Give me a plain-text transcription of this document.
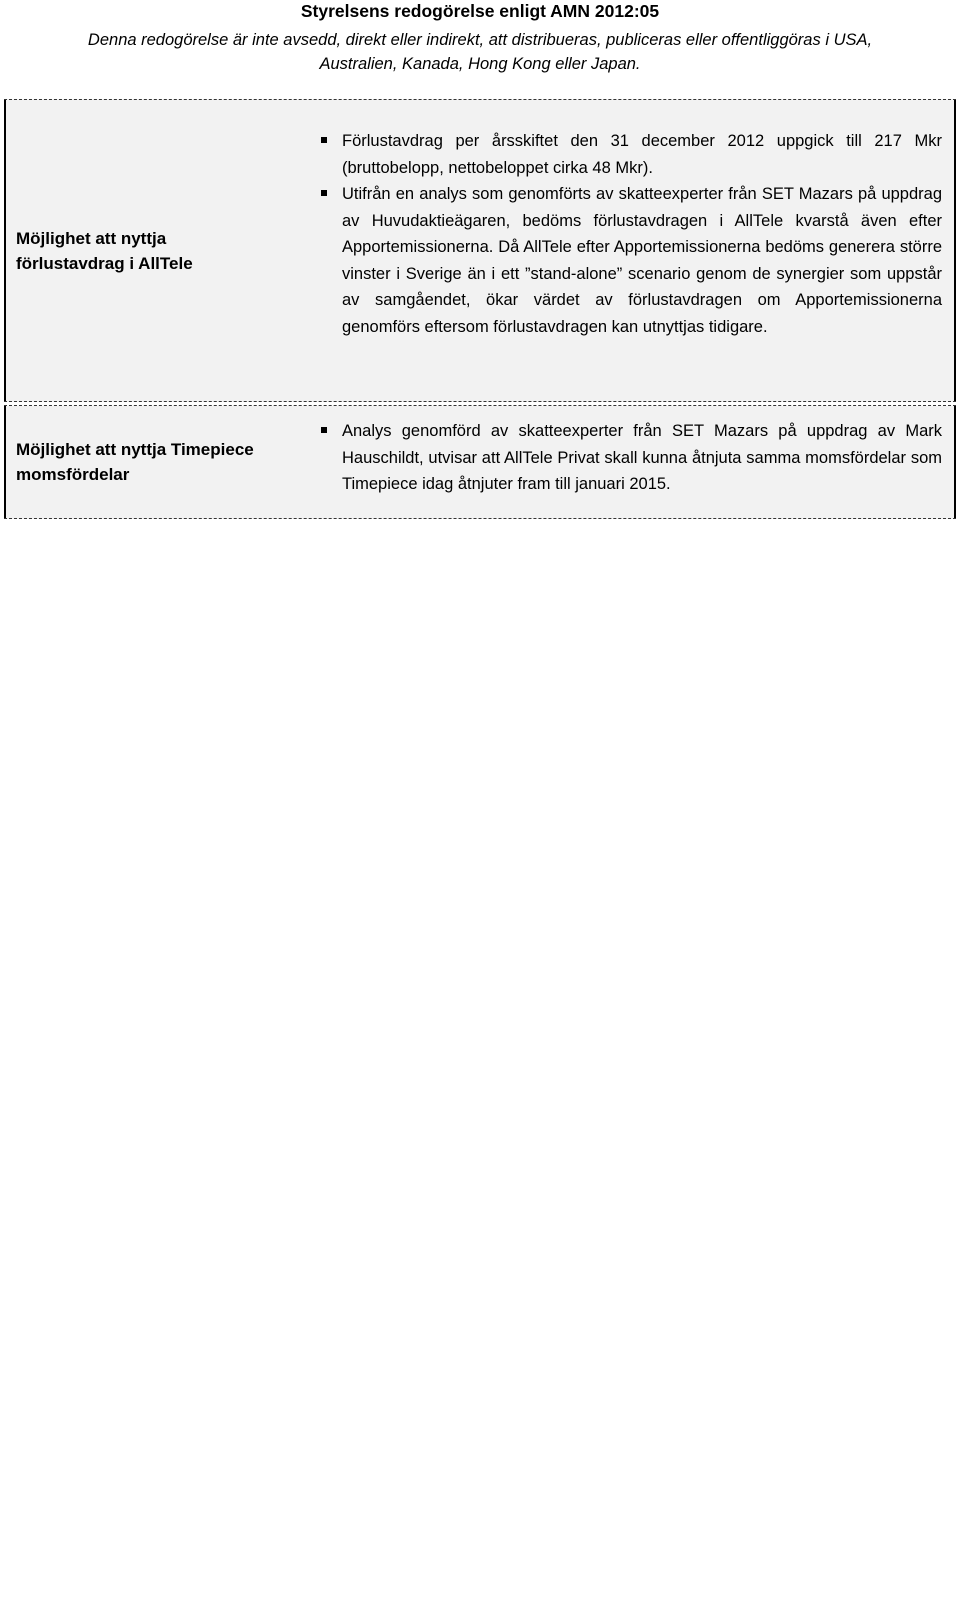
Styrelsens redogörelse enligt AMN 2012:05
Denna redogörelse är inte avsedd, direkt eller indirekt, att distribueras, publiceras eller offentliggöras i USA,
Australien, Kanada, Hong Kong eller Japan.
Möjlighet att nyttja
förlustavdrag i AllTele
Förlustavdrag per årsskiftet den 31 december 2012 uppgick till 217 Mkr (bruttobelopp, nettobeloppet cirka 48 Mkr).
Utifrån en analys som genomförts av skatteexperter från SET Mazars på uppdrag av Huvudaktieägaren, bedöms förlustavdragen i AllTele kvarstå även efter Apportemissionerna. Då AllTele efter Apportemissionerna bedöms generera större vinster i Sverige än i ett ”stand-alone” scenario genom de synergier som uppstår av samgåendet, ökar värdet av förlustavdragen om Apportemissionerna genomförs eftersom förlustavdragen kan utnyttjas tidigare.
Möjlighet att nyttja Timepiece
momsfördelar
Analys genomförd av skatteexperter från SET Mazars på uppdrag av Mark Hauschildt, utvisar att AllTele Privat skall kunna åtnjuta samma momsfördelar som Timepiece idag åtnjuter fram till januari 2015.
